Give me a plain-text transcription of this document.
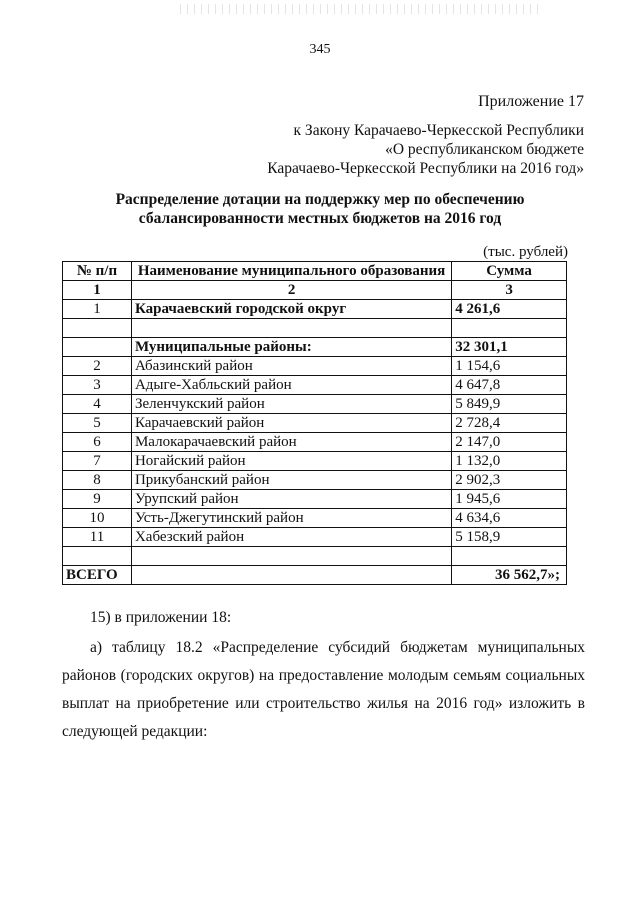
345
Приложение 17
к Закону Карачаево-Черкесской Республики
«О республиканском бюджете
Карачаево-Черкесской Республики на 2016 год»
Распределение дотации на поддержку мер по обеспечению
сбалансированности местных бюджетов на 2016 год
(тыс. рублей)
№ п/п	Наименование муниципального образования	Сумма
1	2	3
1	Карачаевский городской округ	4 261,6

	Муниципальные районы:	32 301,1
2	Абазинский район	1 154,6
3	Адыге-Хабльский район	4 647,8
4	Зеленчукский район	5 849,9
5	Карачаевский район	2 728,4
6	Малокарачаевский район	2 147,0
7	Ногайский район	1 132,0
8	Прикубанский район	2 902,3
9	Урупский район	1 945,6
10	Усть-Джегутинский район	4 634,6
11	Хабезский район	5 158,9

ВСЕГО		36 562,7»;
15) в приложении 18:
а) таблицу 18.2 «Распределение субсидий бюджетам муниципальных районов (городских округов) на предоставление молодым семьям социальных выплат на приобретение или строительство жилья на 2016 год» изложить в следующей редакции:
